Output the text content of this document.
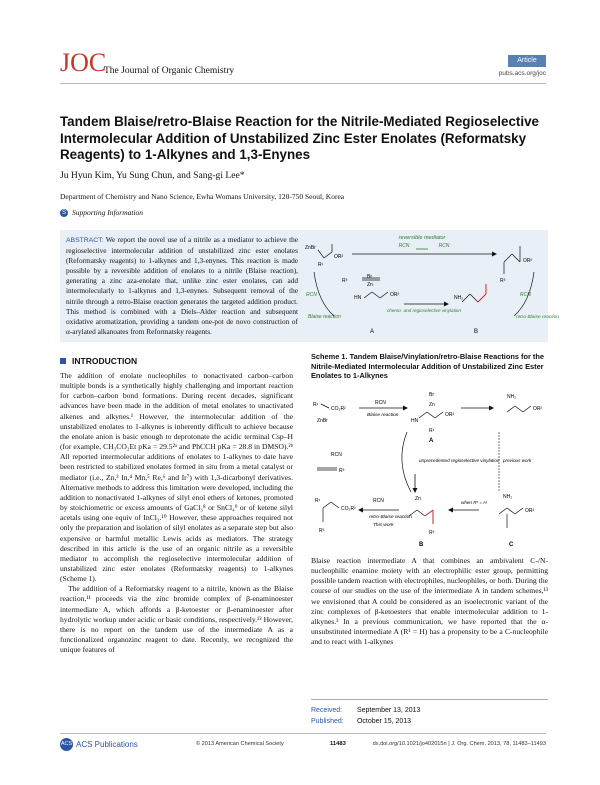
JOC
The Journal of Organic Chemistry
Article
pubs.acs.org/joc
Tandem Blaise/retro-Blaise Reaction for the Nitrile-Mediated Regioselective Intermolecular Addition of Unstabilized Zinc Ester Enolates (Reformatsky Reagents) to 1-Alkynes and 1,3-Enynes
Ju Hyun Kim, Yu Sung Chun, and Sang-gi Lee*
Department of Chemistry and Nano Science, Ewha Womans University, 120-750 Seoul, Korea
S Supporting Information
ABSTRACT: We report the novel use of a nitrile as a mediator to achieve the regioselective intermolecular addition of unstabilized zinc ester enolates (Reformatsky reagents) to 1-alkynes and 1,3-enynes. This reaction is made possible by a reversible addition of enolates to a nitrile (Blaise reaction), generating a zinc aza-enolate that, unlike zinc ester enolates, can add intermolecularly to 1-alkynes and 1,3-enynes. Subsequent removal of the nitrile through a retro-Blaise reaction generates the targeted addition product. This method is combined with a Diels–Alder reaction and subsequent oxidative aromatization, providing a tandem one-pot de novo construction of α-arylated alkanoates from Reformatsky reagents.
reversible mediator
RCN	RCN
ZnBr
OR²
R¹
OR²
R³
RCN
R³
Blaise reaction
HN
Zn
Br
OR²
A
chemo- and regioselective vinylation
NH₂
B
RCN
retro-Blaise reaction
INTRODUCTION

The addition of enolate nucleophiles to nonactivated carbon–carbon multiple bonds is a synthetically highly challenging and important reaction for carbon–carbon bond formations. During recent decades, significant advances have been made in the addition of metal enolates to unactivated alkenes and alkynes.¹ However, the intermolecular addition of the unstabilized enolates to 1-alkynes is inherently difficult to achieve because the enolate anion is basic enough to deprotonate the acidic terminal Csp–H (for example, CH₃CO₂Et pKa = 29.5²ᵃ and PhCCH pKa = 28.8 in DMSO).²ᵇ All reported intermolecular additions of enolates to 1-alkynes to date have been restricted to stabilized enolates formed in situ from a metal catalyst or mediator (i.e., Zn,³ In,⁴ Mn,⁵ Re,⁶ and Ir⁷) with 1,3-dicarbonyl derivatives. Alternative methods to address this limitation were developed, including the addition to nonactivated 1-alkynes of silyl enol ethers of ketones, promoted by stoichiometric or excess amounts of GaCl₃⁸ or SnCl₄⁹ or of ketene silyl acetals using one equiv of InCl₃.¹⁰ However, these approaches required not only the preparation and isolation of silyl enolates as a separate step but also expensive or harmful metallic Lewis acids as mediators. The strategy described in this article is the use of an organic nitrile as a reversible mediator to accomplish the regioselective intermolecular addition of unstabilized zinc ester enolates (Reformatsky reagents) to 1-alkynes (Scheme 1).

The addition of a Reformatsky reagent to a nitrile, known as the Blaise reaction,¹¹ proceeds via the zinc bromide complex of β-enaminoester intermediate A, which affords a β-ketoester or β-enaminoester after hydrolytic workup under acidic or basic conditions, respectively.¹² However, there is no report on the tandem use of the intermediate A as a functionalized organozinc reagent to date. Recently, we recognized the unique features of

Scheme 1. Tandem Blaise/Vinylation/retro-Blaise Reactions for the Nitrile-Mediated Intermolecular Addition of Unstabilized Zinc Ester Enolates to 1-Alkynes
R¹
CO₂R²
ZnBr
RCN
Blaise reaction
Br
Zn
HN
OR²
R¹
A
NH₂
OR²
RCN
R³
unprecedented regioselective vinylation previous work
R¹
CO₂R²
R³
retro-Blaise reaction
This work
RCN	Zn
R³
B
when R¹ = H
NH₂
OR²
C
Blaise reaction intermediate A that combines an ambivalent C-/N-nucleophilic enamine moiety with an electrophilic ester group, permitting possible tandem reaction with electrophiles, nucleophiles, or both. During the course of our studies on the use of the intermediate A in tandem schemes,¹³ we envisioned that A could be considered as an isoelectronic variant of the zinc complexes of β-ketoesters that enable intermolecular addition to 1-alkynes.³ In a previous communication, we have reported that the α-unsubstituted intermediate A (R¹ = H) has a propensity to be a C-nucleophile and to react with 1-alkynes
Received: September 13, 2013
Published: October 15, 2013
ACS ACS Publications	© 2013 American Chemical Society	11483	dx.doi.org/10.1021/jo402015n | J. Org. Chem. 2013, 78, 11483−11493
